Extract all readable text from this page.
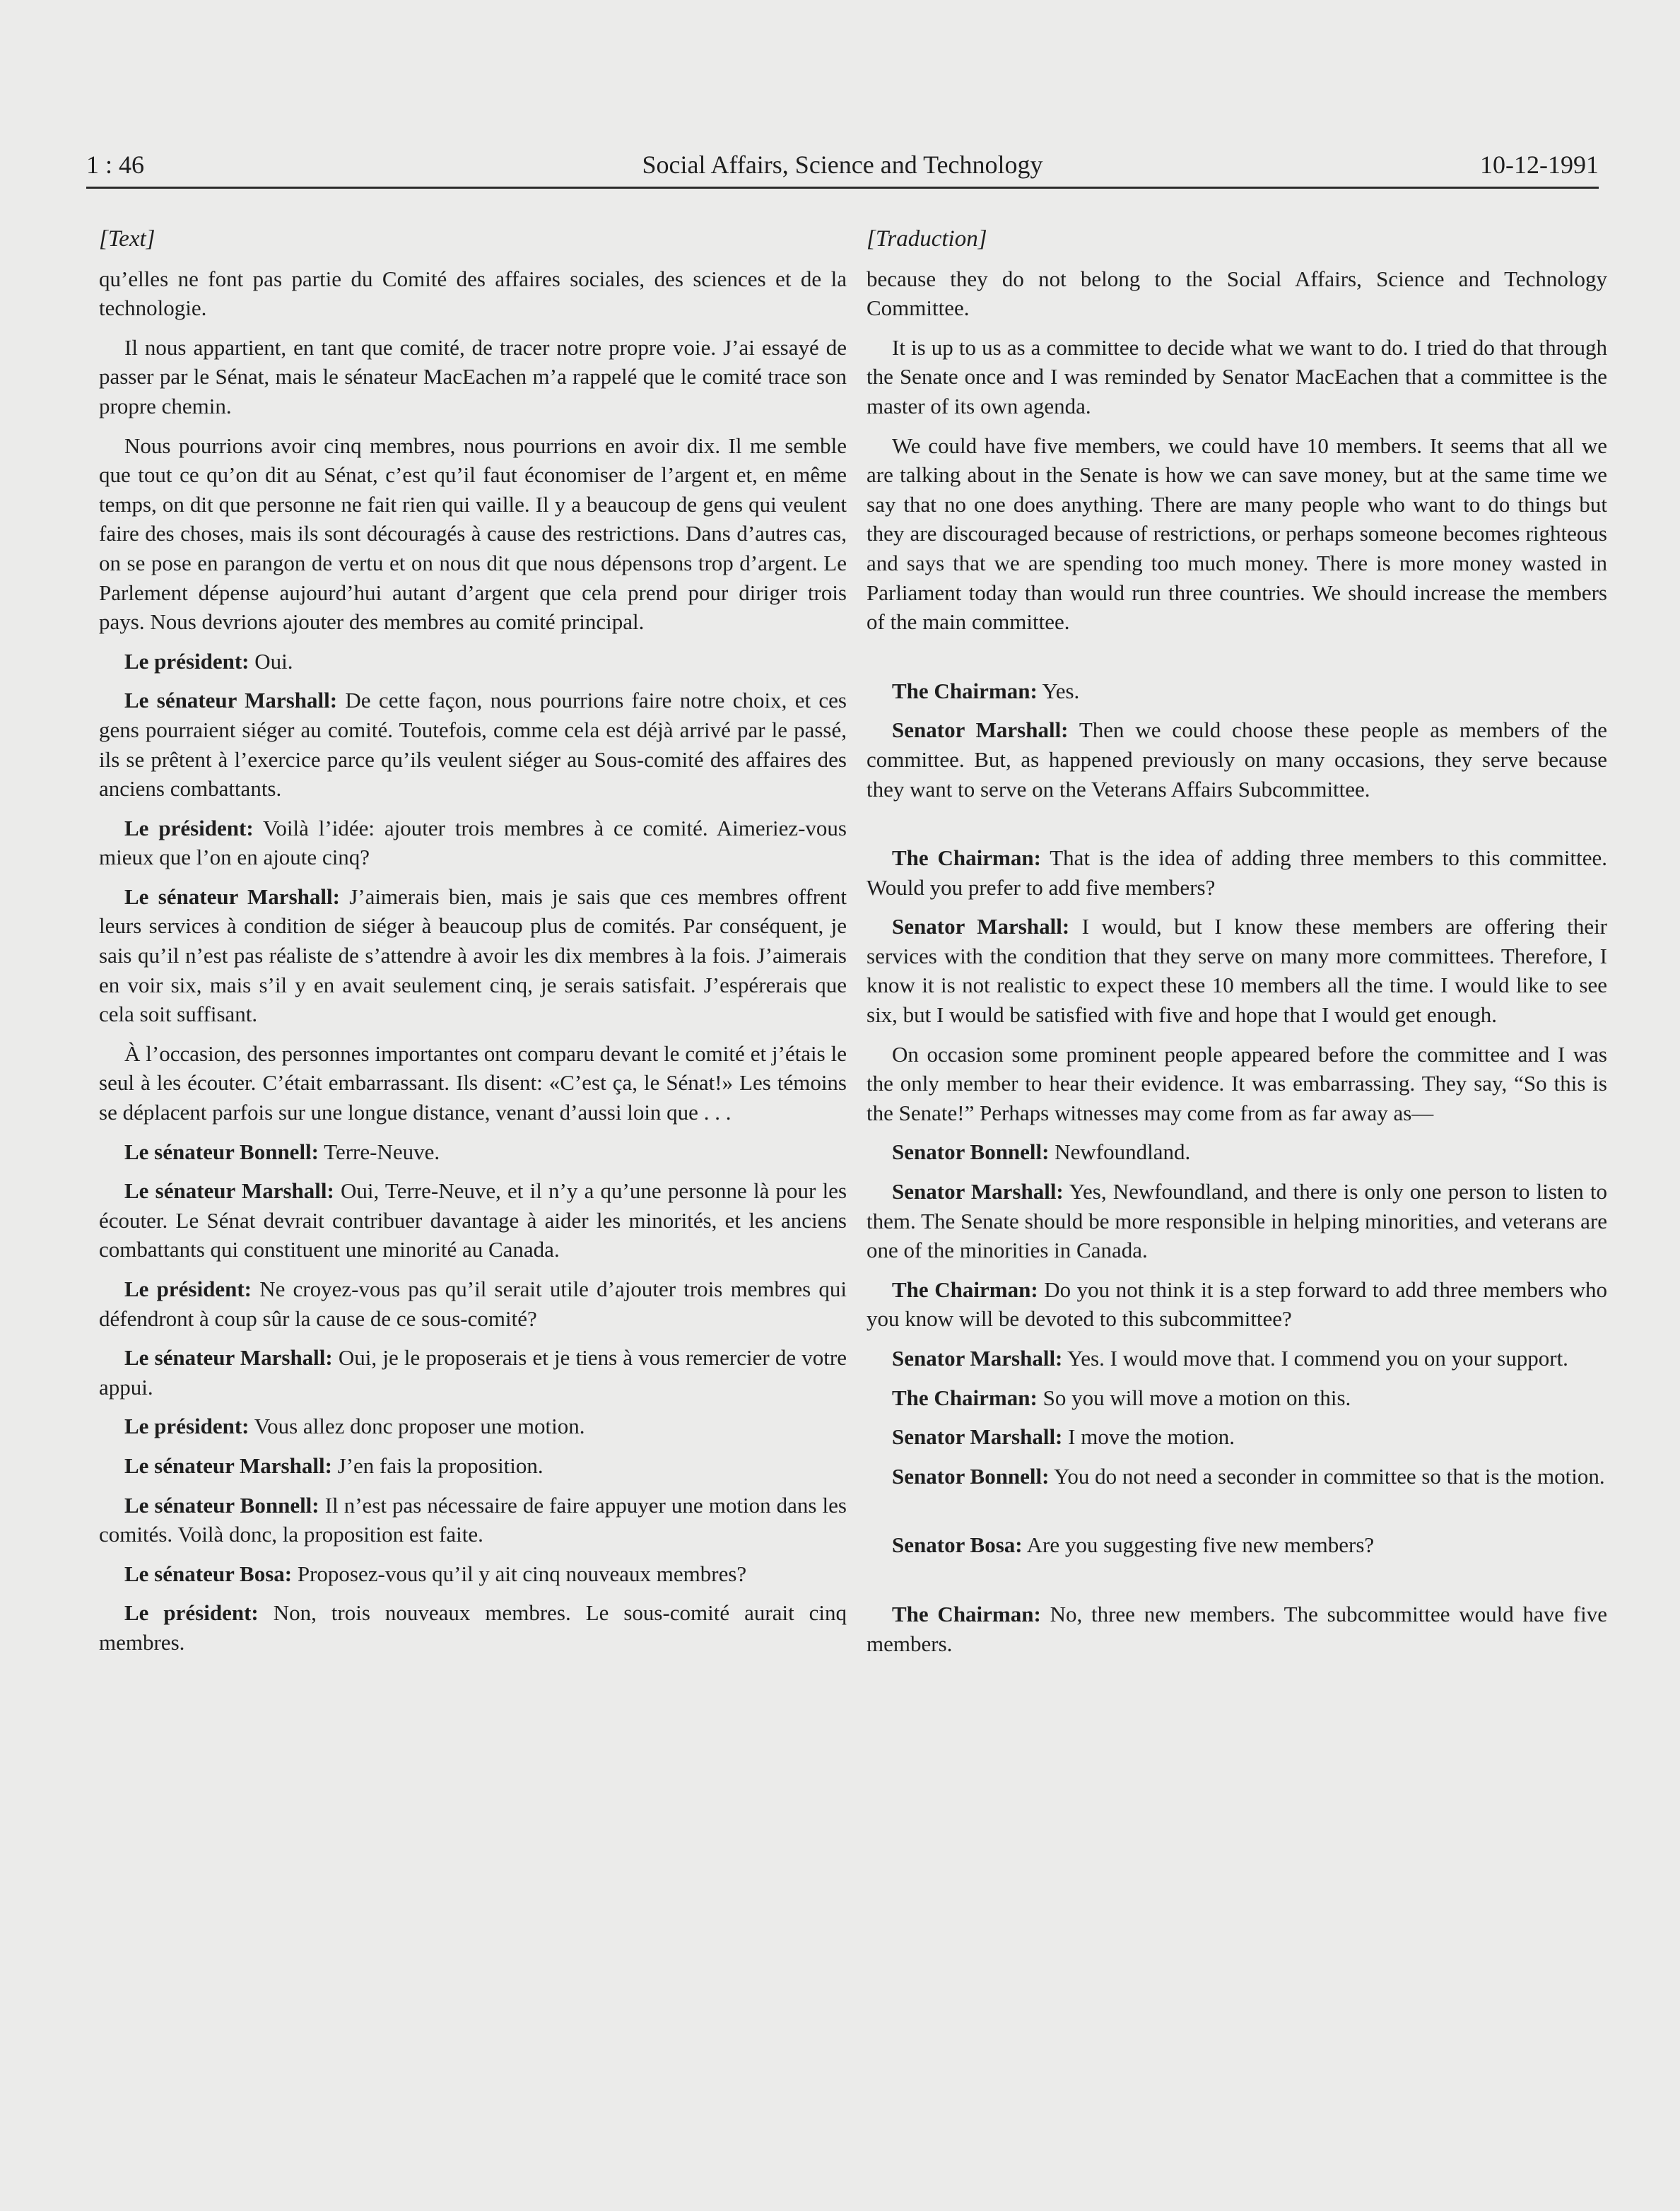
1 : 46	Social Affairs, Science and Technology	10-12-1991

[Text]

qu’elles ne font pas partie du Comité des affaires sociales, des sciences et de la technologie.

Il nous appartient, en tant que comité, de tracer notre propre voie. J’ai essayé de passer par le Sénat, mais le sénateur MacEachen m’a rappelé que le comité trace son propre chemin.

Nous pourrions avoir cinq membres, nous pourrions en avoir dix. Il me semble que tout ce qu’on dit au Sénat, c’est qu’il faut économiser de l’argent et, en même temps, on dit que personne ne fait rien qui vaille. Il y a beaucoup de gens qui veulent faire des choses, mais ils sont découragés à cause des restrictions. Dans d’autres cas, on se pose en parangon de vertu et on nous dit que nous dépensons trop d’argent. Le Parlement dépense aujourd’hui autant d’argent que cela prend pour diriger trois pays. Nous devrions ajouter des membres au comité principal.

Le président: Oui.

Le sénateur Marshall: De cette façon, nous pourrions faire notre choix, et ces gens pourraient siéger au comité. Toutefois, comme cela est déjà arrivé par le passé, ils se prêtent à l’exercice parce qu’ils veulent siéger au Sous-comité des affaires des anciens combattants.

Le président: Voilà l’idée: ajouter trois membres à ce comité. Aimeriez-vous mieux que l’on en ajoute cinq?

Le sénateur Marshall: J’aimerais bien, mais je sais que ces membres offrent leurs services à condition de siéger à beaucoup plus de comités. Par conséquent, je sais qu’il n’est pas réaliste de s’attendre à avoir les dix membres à la fois. J’aimerais en voir six, mais s’il y en avait seulement cinq, je serais satisfait. J’espérerais que cela soit suffisant.

À l’occasion, des personnes importantes ont comparu devant le comité et j’étais le seul à les écouter. C’était embarrassant. Ils disent: «C’est ça, le Sénat!» Les témoins se déplacent parfois sur une longue distance, venant d’aussi loin que . . .

Le sénateur Bonnell: Terre-Neuve.

Le sénateur Marshall: Oui, Terre-Neuve, et il n’y a qu’une personne là pour les écouter. Le Sénat devrait contribuer davantage à aider les minorités, et les anciens combattants qui constituent une minorité au Canada.

Le président: Ne croyez-vous pas qu’il serait utile d’ajouter trois membres qui défendront à coup sûr la cause de ce sous-comité?

Le sénateur Marshall: Oui, je le proposerais et je tiens à vous remercier de votre appui.

Le président: Vous allez donc proposer une motion.

Le sénateur Marshall: J’en fais la proposition.

Le sénateur Bonnell: Il n’est pas nécessaire de faire appuyer une motion dans les comités. Voilà donc, la proposition est faite.

Le sénateur Bosa: Proposez-vous qu’il y ait cinq nouveaux membres?

Le président: Non, trois nouveaux membres. Le sous-comité aurait cinq membres.

[Traduction]

because they do not belong to the Social Affairs, Science and Technology Committee.

It is up to us as a committee to decide what we want to do. I tried do that through the Senate once and I was reminded by Senator MacEachen that a committee is the master of its own agenda.

We could have five members, we could have 10 members. It seems that all we are talking about in the Senate is how we can save money, but at the same time we say that no one does anything. There are many people who want to do things but they are discouraged because of restrictions, or perhaps someone becomes righteous and says that we are spending too much money. There is more money wasted in Parliament today than would run three countries. We should increase the members of the main committee.

The Chairman: Yes.

Senator Marshall: Then we could choose these people as members of the committee. But, as happened previously on many occasions, they serve because they want to serve on the Veterans Affairs Subcommittee.

The Chairman: That is the idea of adding three members to this committee. Would you prefer to add five members?

Senator Marshall: I would, but I know these members are offering their services with the condition that they serve on many more committees. Therefore, I know it is not realistic to expect these 10 members all the time. I would like to see six, but I would be satisfied with five and hope that I would get enough.

On occasion some prominent people appeared before the committee and I was the only member to hear their evidence. It was embarrassing. They say, “So this is the Senate!” Perhaps witnesses may come from as far away as—

Senator Bonnell: Newfoundland.

Senator Marshall: Yes, Newfoundland, and there is only one person to listen to them. The Senate should be more responsible in helping minorities, and veterans are one of the minorities in Canada.

The Chairman: Do you not think it is a step forward to add three members who you know will be devoted to this subcommittee?

Senator Marshall: Yes. I would move that. I commend you on your support.

The Chairman: So you will move a motion on this.

Senator Marshall: I move the motion.

Senator Bonnell: You do not need a seconder in committee so that is the motion.

Senator Bosa: Are you suggesting five new members?

The Chairman: No, three new members. The subcommittee would have five members.
